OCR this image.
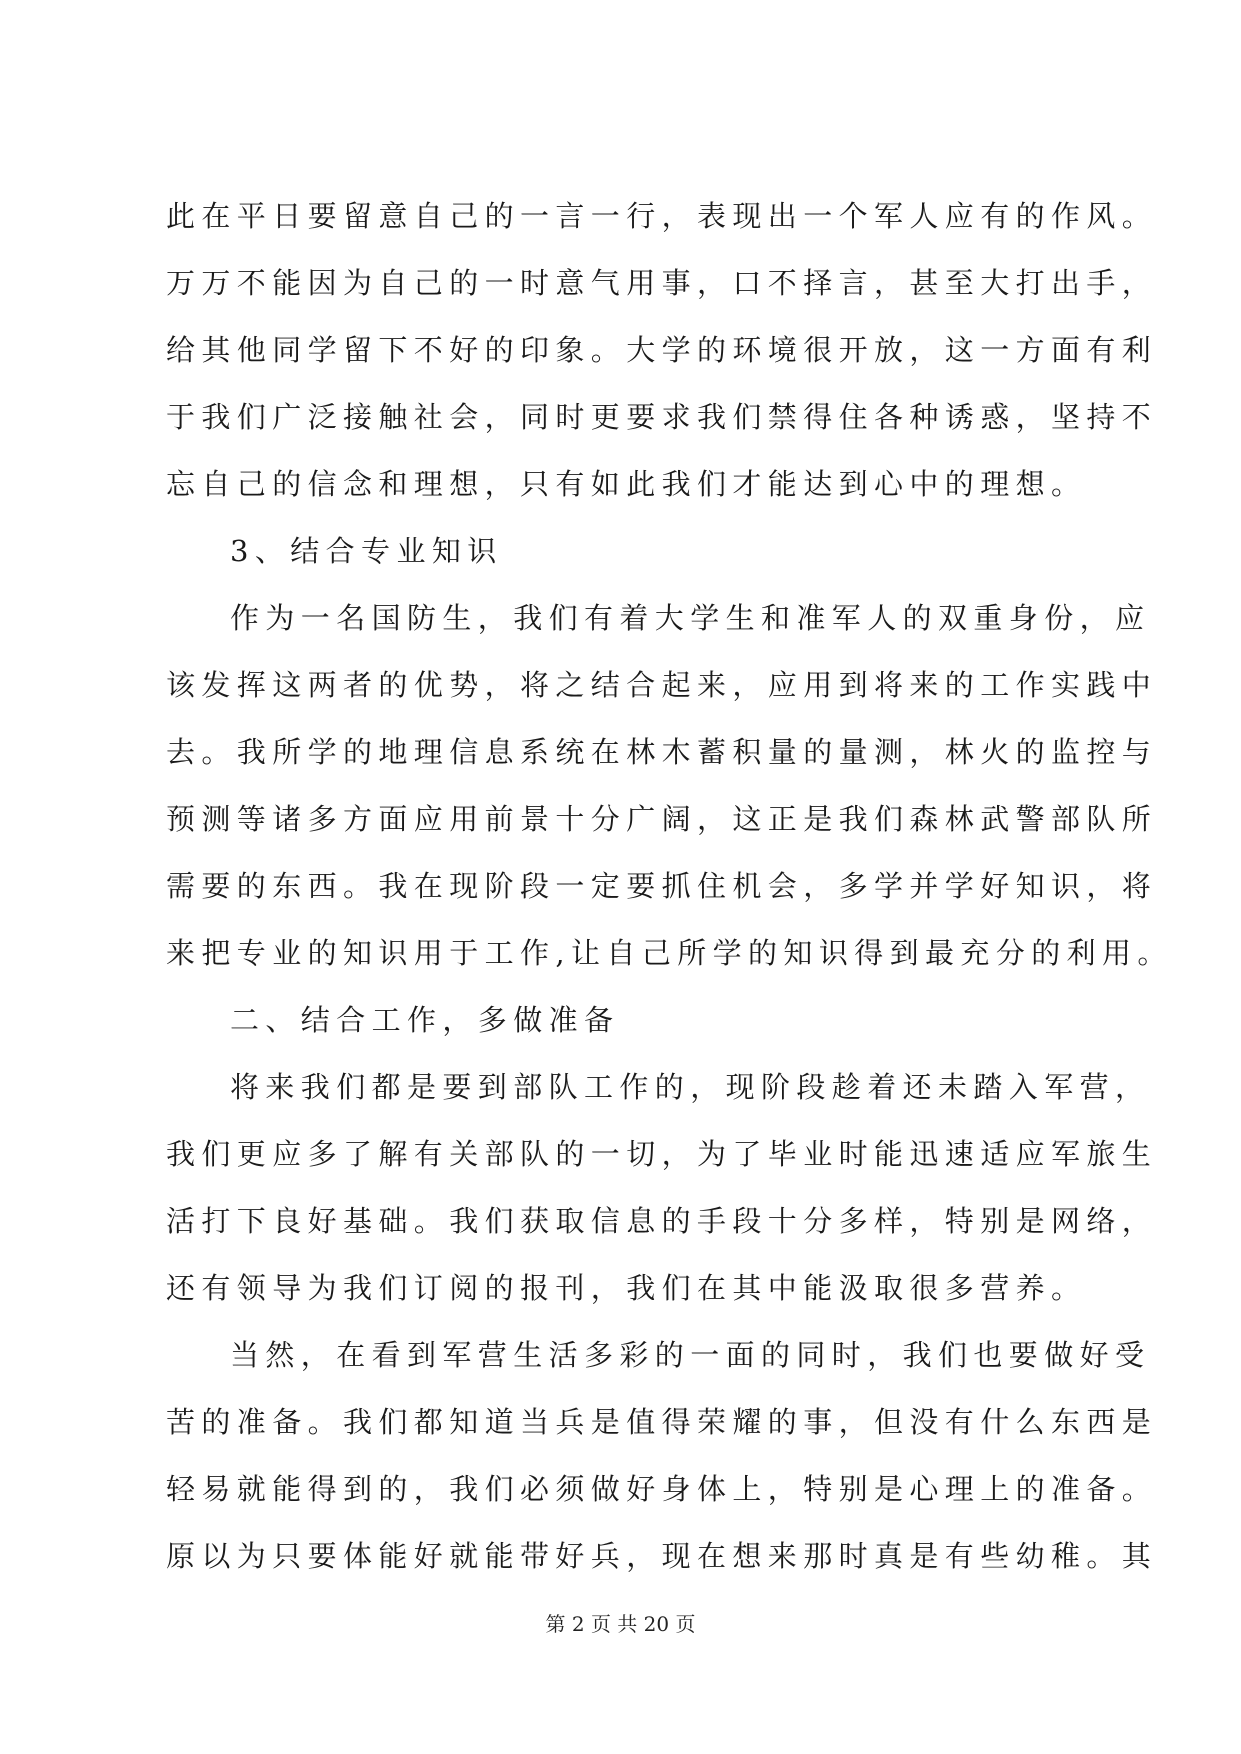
此在平日要留意自己的一言一行，表现出一个军人应有的作风。
万万不能因为自己的一时意气用事，口不择言，甚至大打出手，
给其他同学留下不好的印象。大学的环境很开放，这一方面有利
于我们广泛接触社会，同时更要求我们禁得住各种诱惑，坚持不
忘自己的信念和理想，只有如此我们才能达到心中的理想。
3、结合专业知识
作为一名国防生，我们有着大学生和准军人的双重身份，应
该发挥这两者的优势，将之结合起来，应用到将来的工作实践中
去。我所学的地理信息系统在林木蓄积量的量测，林火的监控与
预测等诸多方面应用前景十分广阔，这正是我们森林武警部队所
需要的东西。我在现阶段一定要抓住机会，多学并学好知识，将
来把专业的知识用于工作,让自己所学的知识得到最充分的利用。
二、结合工作，多做准备
将来我们都是要到部队工作的，现阶段趁着还未踏入军营，
我们更应多了解有关部队的一切，为了毕业时能迅速适应军旅生
活打下良好基础。我们获取信息的手段十分多样，特别是网络，
还有领导为我们订阅的报刊，我们在其中能汲取很多营养。
当然，在看到军营生活多彩的一面的同时，我们也要做好受
苦的准备。我们都知道当兵是值得荣耀的事，但没有什么东西是
轻易就能得到的，我们必须做好身体上，特别是心理上的准备。
原以为只要体能好就能带好兵，现在想来那时真是有些幼稚。其
第 2 页 共 20 页
